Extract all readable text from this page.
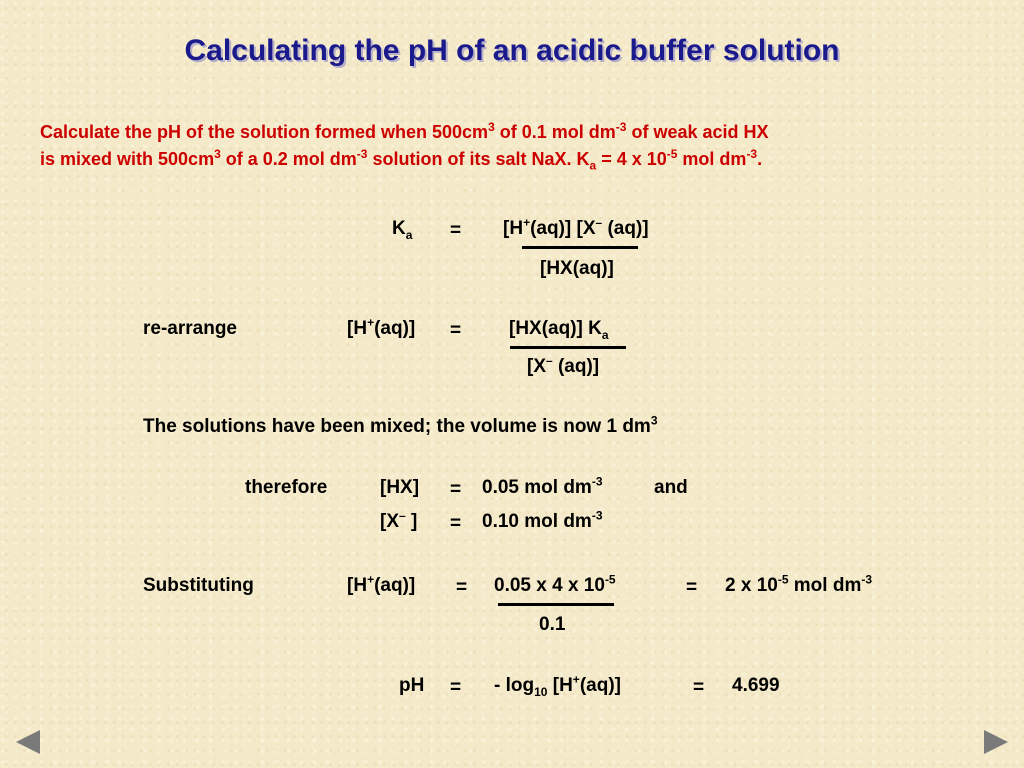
Calculating the pH of an acidic buffer solution
Calculate the pH of the solution formed when $500cm^3$ of 0.1 mol $dm^{-3}$ of weak acid HX
is mixed with $500cm^3$ of a 0.2 mol $dm^{-3}$ solution of its salt NaX. $K_a = 4$ x $10^{-5}$ mol $dm^{-3}$.
$K_a = [H^+(aq)]$ [X– (aq)]
[HX(aq)]
re-arrange	[H+(aq)] =	[HX(aq)] $K_a$
[X– (aq)]
The solutions have been mixed; the volume is now 1 $dm^3$
therefore	[HX] = 0.05 mol $dm^{-3}$	and
[X– ] = 0.10 mol $dm^{-3}$
Substituting	[H+(aq)] = 0.05 x 4 x $10^{-5}$
0.1
= 2 x $10^{-5}$ mol $dm^{-3}$
pH = - $\log_{10} [H^+(aq)]$	= 4.699
